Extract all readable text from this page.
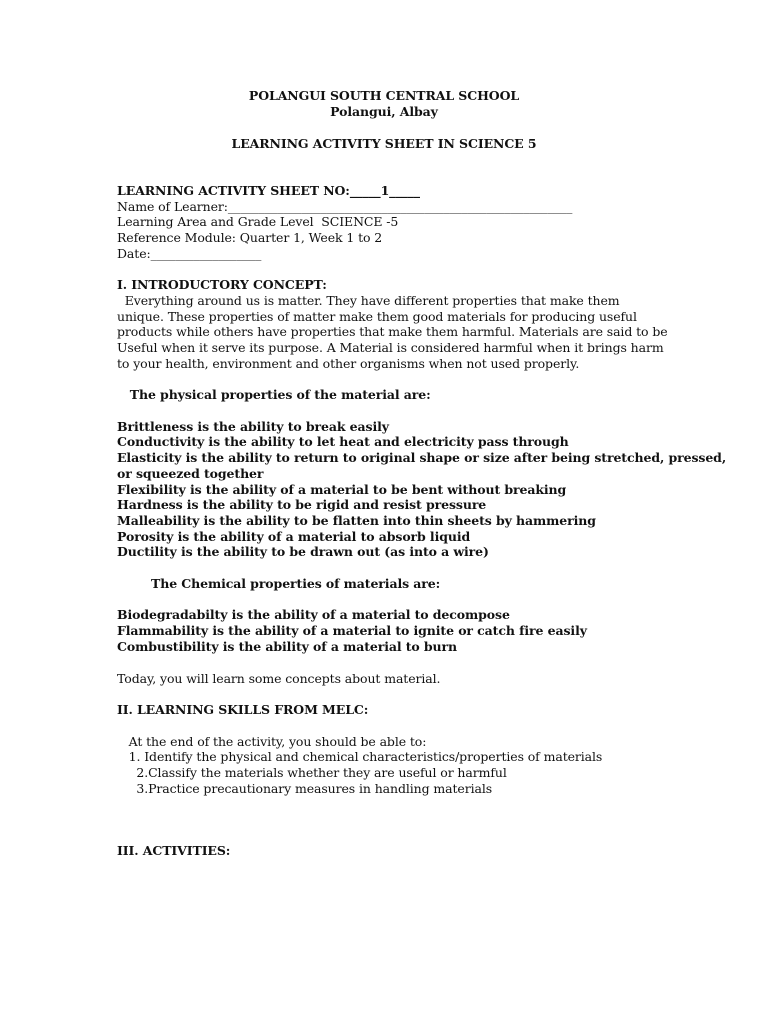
POLANGUI SOUTH CENTRAL SCHOOL
Polangui, Albay
LEARNING ACTIVITY SHEET IN SCIENCE 5
LEARNING ACTIVITY SHEET NO:_____1_____
Name of Learner:________________________________________________________
Learning Area and Grade Level  SCIENCE -5
Reference Module: Quarter 1, Week 1 to 2
Date:__________________
I. INTRODUCTORY CONCEPT:
Everything around us is matter. They have different properties that make them
unique. These properties of matter make them good materials for producing useful
products while others have properties that make them harmful. Materials are said to be
Useful when it serve its purpose. A Material is considered harmful when it brings harm
to your health, environment and other organisms when not used properly.
The physical properties of the material are:
Brittleness is the ability to break easily
Conductivity is the ability to let heat and electricity pass through
Elasticity is the ability to return to original shape or size after being stretched, pressed,
or squeezed together
Flexibility is the ability of a material to be bent without breaking
Hardness is the ability to be rigid and resist pressure
Malleability is the ability to be flatten into thin sheets by hammering
Porosity is the ability of a material to absorb liquid
Ductility is the ability to be drawn out (as into a wire)
The Chemical properties of materials are:
Biodegradabilty is the ability of a material to decompose
Flammability is the ability of a material to ignite or catch fire easily
Combustibility is the ability of a material to burn
Today, you will learn some concepts about material.
II. LEARNING SKILLS FROM MELC:
At the end of the activity, you should be able to:
1. Identify the physical and chemical characteristics/properties of materials
2.Classify the materials whether they are useful or harmful
3.Practice precautionary measures in handling materials
III. ACTIVITIES:
